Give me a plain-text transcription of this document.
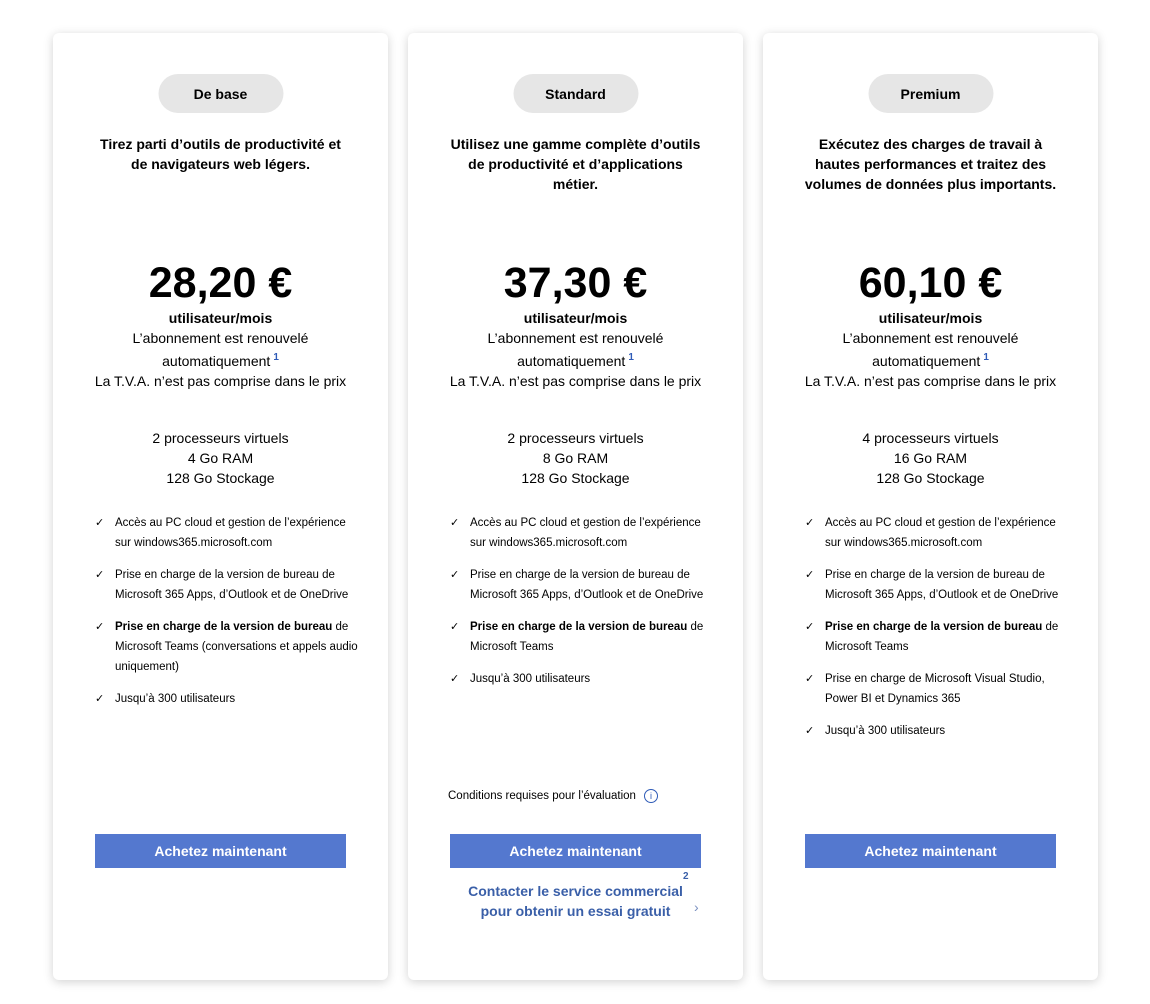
De base
Tirez parti d’outils de productivité et de navigateurs web légers.
28,20 €
utilisateur/mois
L’abonnement est renouvelé automatiquement $^1$
La T.V.A. n’est pas comprise dans le prix
2 processeurs virtuels
4 Go RAM
128 Go Stockage
✓ Accès au PC cloud et gestion de l’expérience sur windows365.microsoft.com
✓ Prise en charge de la version de bureau de Microsoft 365 Apps, d’Outlook et de OneDrive
✓ Prise en charge de la version de bureau de Microsoft Teams (conversations et appels audio uniquement)
✓ Jusqu’à 300 utilisateurs
Achetez maintenant
Standard
Utilisez une gamme complète d’outils de productivité et d’applications métier.
37,30 €
utilisateur/mois
L’abonnement est renouvelé automatiquement $^1$
La T.V.A. n’est pas comprise dans le prix
2 processeurs virtuels
8 Go RAM
128 Go Stockage
✓ Accès au PC cloud et gestion de l’expérience sur windows365.microsoft.com
✓ Prise en charge de la version de bureau de Microsoft 365 Apps, d’Outlook et de OneDrive
✓ Prise en charge de la version de bureau de Microsoft Teams
✓ Jusqu’à 300 utilisateurs
Conditions requises pour l’évaluation	i
Contacter le service commercial pour obtenir un essai gratuit
2
›
Achetez maintenant
Premium
Exécutez des charges de travail à hautes performances et traitez des volumes de données plus importants.
60,10 €
utilisateur/mois
L’abonnement est renouvelé automatiquement $^1$
La T.V.A. n’est pas comprise dans le prix
4 processeurs virtuels
16 Go RAM
128 Go Stockage
✓ Accès au PC cloud et gestion de l’expérience sur windows365.microsoft.com
✓ Prise en charge de la version de bureau de Microsoft 365 Apps, d’Outlook et de OneDrive
✓ Prise en charge de la version de bureau de Microsoft Teams
✓ Prise en charge de Microsoft Visual Studio, Power BI et Dynamics 365
✓ Jusqu’à 300 utilisateurs
Achetez maintenant
